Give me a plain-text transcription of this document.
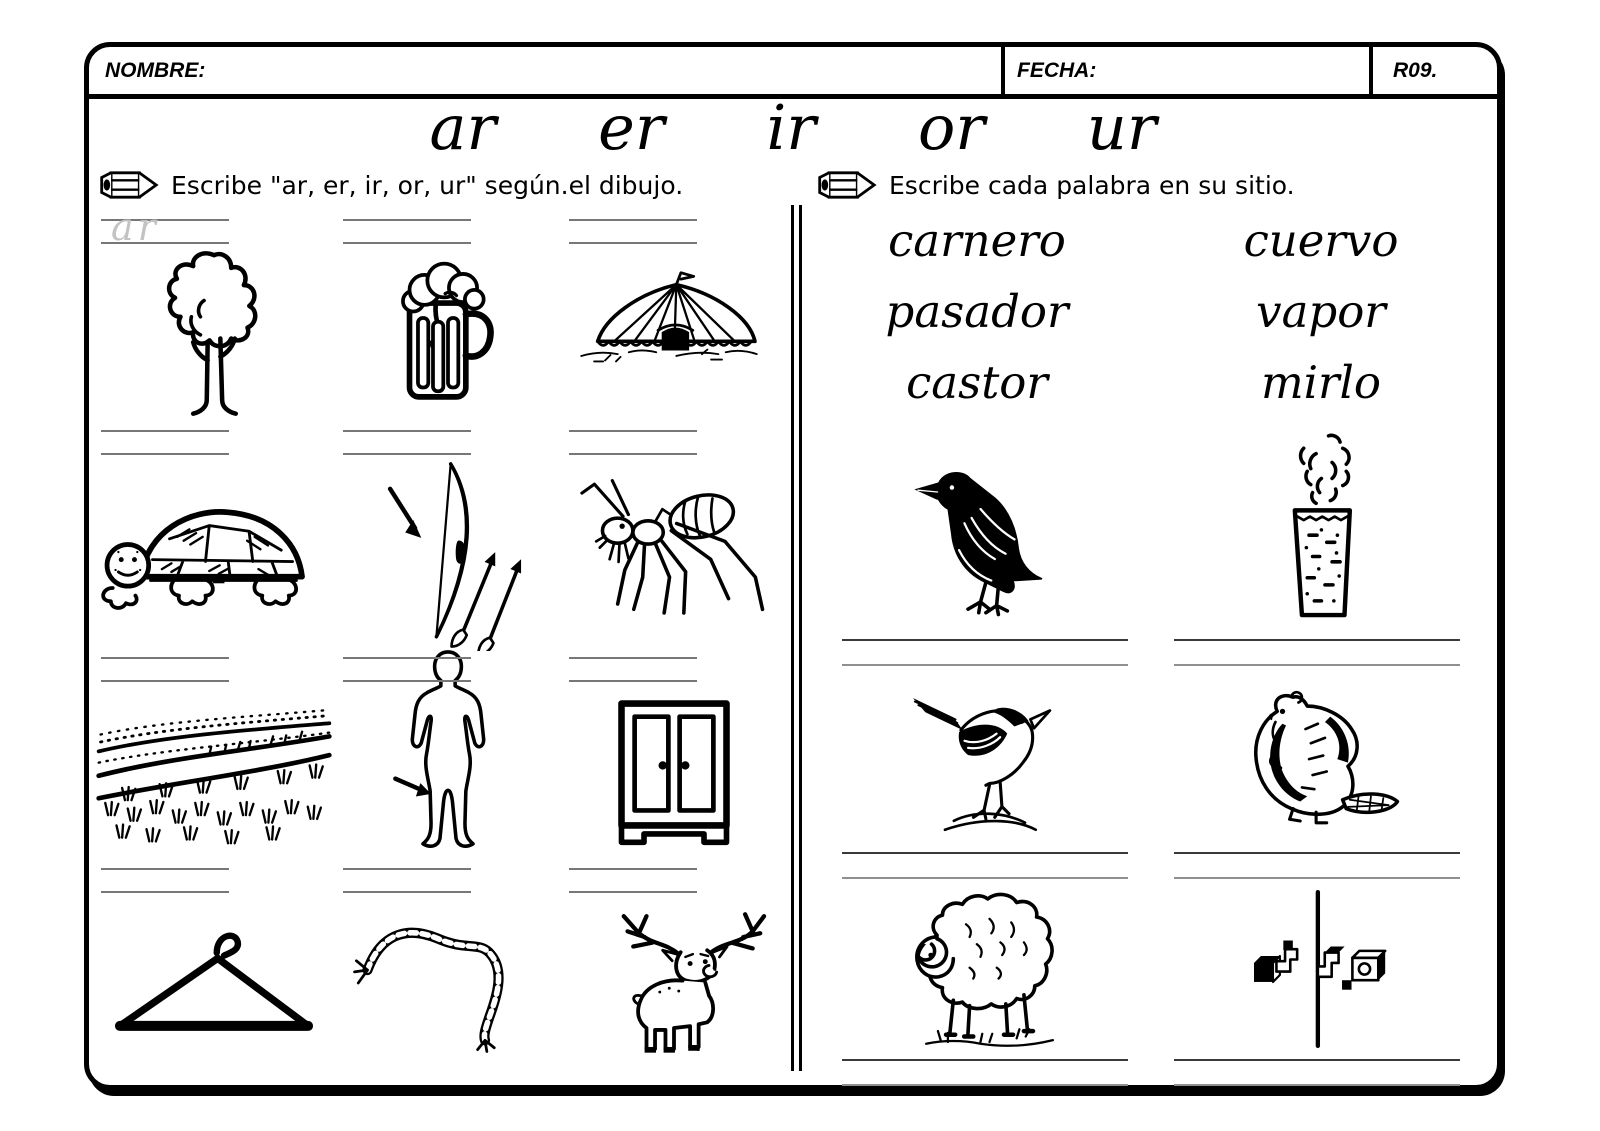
NOMBRE:	FECHA:	R09.
ar er ir or ur
Escribe "ar, er, ir, or, ur" según.el dibujo.	Escribe cada palabra en su sitio.
ar	carnero	cuervo
pasador	vapor
castor	mirlo
